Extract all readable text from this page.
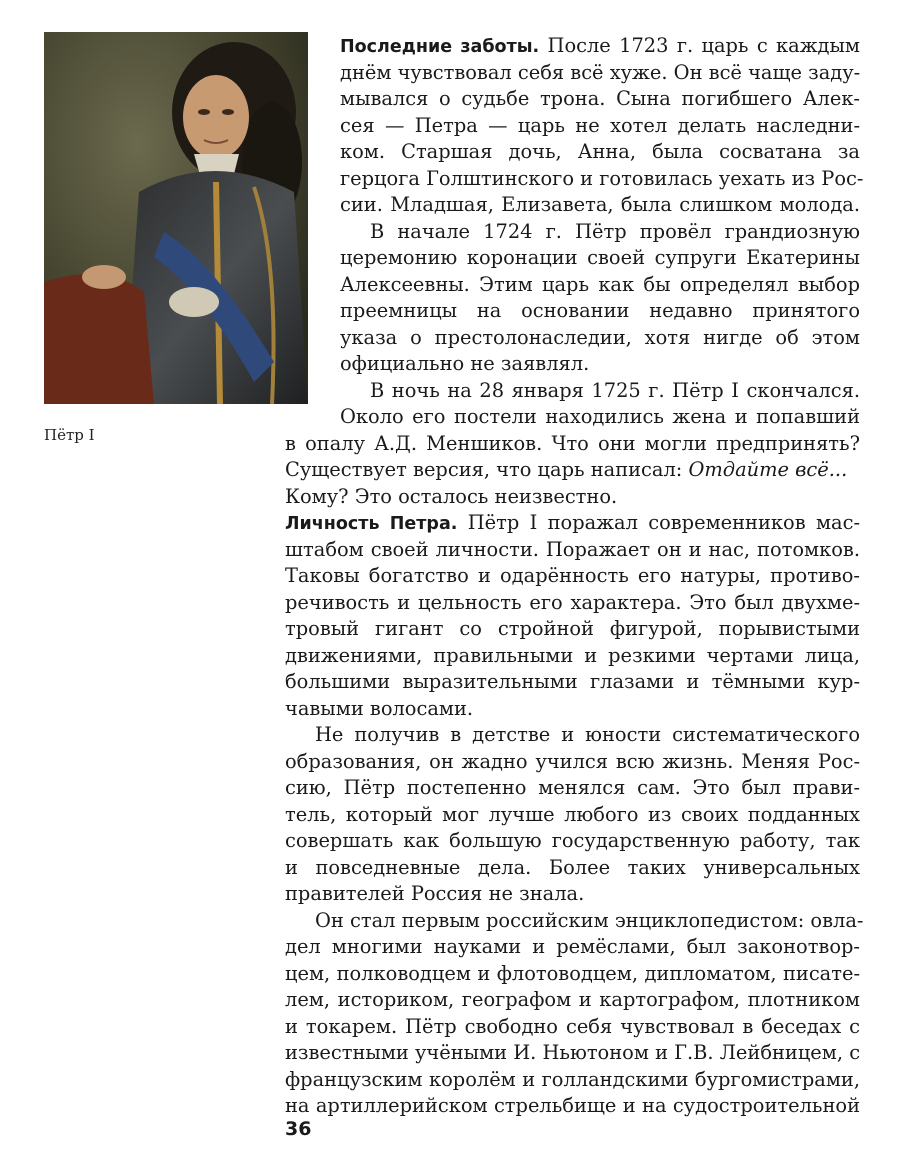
Пётр I
Последние заботы. После 1723 г. царь с каждым
днём чувствовал себя всё хуже. Он всё чаще заду-
мывался о судьбе трона. Сына погибшего Алек-
сея — Петра — царь не хотел делать наследни-
ком. Старшая дочь, Анна, была сосватана за
герцога Голштинского и готовилась уехать из Рос-
сии. Младшая, Елизавета, была слишком молода.
В начале 1724 г. Пётр провёл грандиозную
церемонию коронации своей супруги Екатерины
Алексеевны. Этим царь как бы определял выбор
преемницы на основании недавно принятого
указа о престолонаследии, хотя нигде об этом
официально не заявлял.
В ночь на 28 января 1725 г. Пётр I скончался.
Около его постели находились жена и попавший
в опалу А.Д. Меншиков. Что они могли предпринять?
Существует версия, что царь написал: Отдайте всё...
Кому? Это осталось неизвестно.
Личность Петра. Пётр I поражал современников мас-
штабом своей личности. Поражает он и нас, потомков.
Таковы богатство и одарённость его натуры, противо-
речивость и цельность его характера. Это был двухме-
тровый гигант со стройной фигурой, порывистыми
движениями, правильными и резкими чертами лица,
большими выразительными глазами и тёмными кур-
чавыми волосами.
Не получив в детстве и юности систематического
образования, он жадно учился всю жизнь. Меняя Рос-
сию, Пётр постепенно менялся сам. Это был прави-
тель, который мог лучше любого из своих подданных
совершать как большую государственную работу, так
и повседневные дела. Более таких универсальных
правителей Россия не знала.
Он стал первым российским энциклопедистом: овла-
дел многими науками и ремёслами, был законотвор-
цем, полководцем и флотоводцем, дипломатом, писате-
лем, историком, географом и картографом, плотником
и токарем. Пётр свободно себя чувствовал в беседах с
известными учёными И. Ньютоном и Г.В. Лейбницем, с
французским королём и голландскими бургомистрами,
36
на артиллерийском стрельбище и на судостроительной
